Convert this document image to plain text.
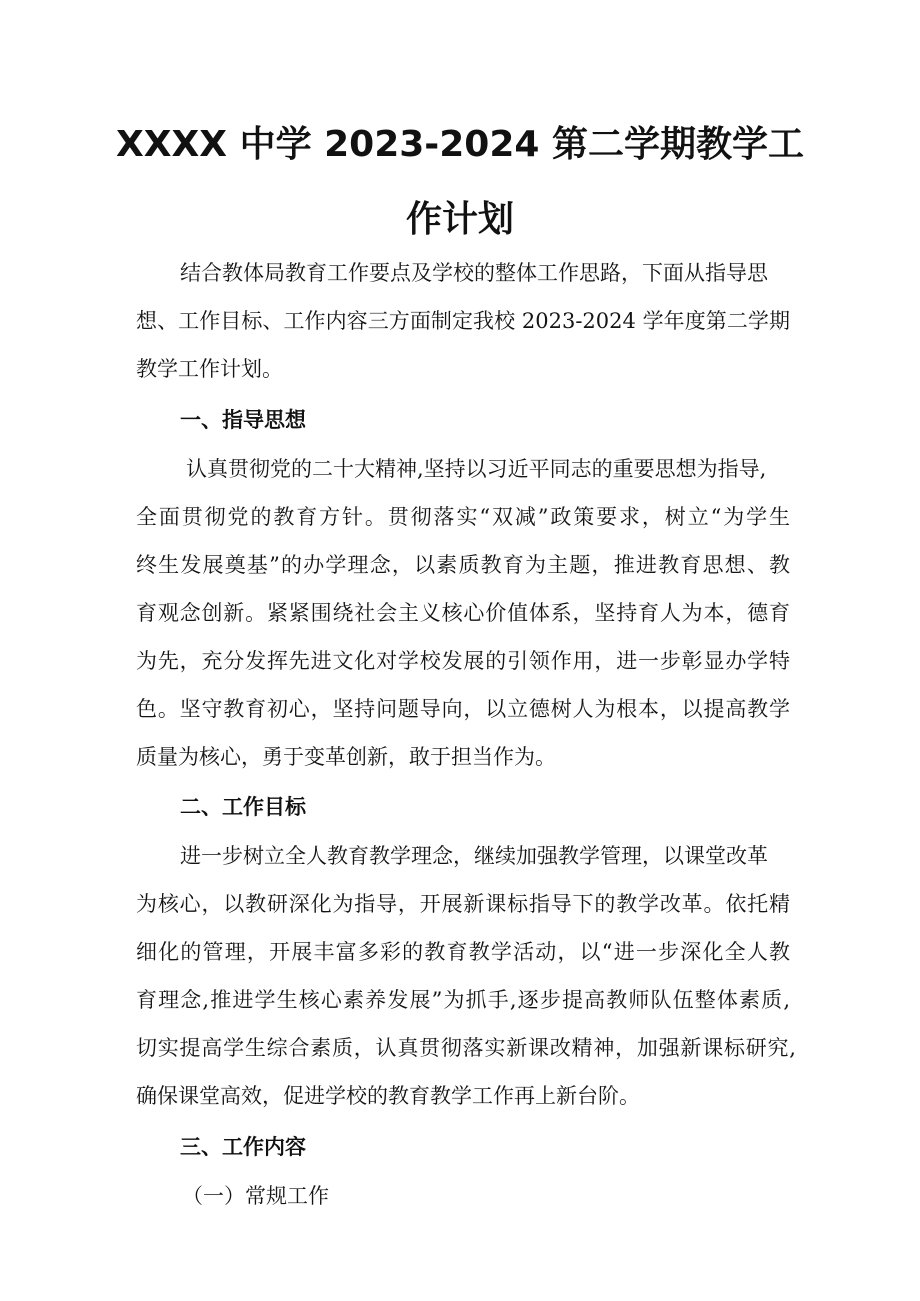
XXXX 中学 2023-2024 第二学期教学工
作计划

结合教体局教育工作要点及学校的整体工作思路，下面从指导思

想、工作目标、工作内容三方面制定我校 2023-2024 学年度第二学期

教学工作计划。

一、指导思想

认真贯彻党的二十大精神,坚持以习近平同志的重要思想为指导,

全面贯彻党的教育方针。贯彻落实“双减”政策要求，树立“为学生

终生发展奠基”的办学理念，以素质教育为主题，推进教育思想、教

育观念创新。紧紧围绕社会主义核心价值体系，坚持育人为本，德育

为先，充分发挥先进文化对学校发展的引领作用，进一步彰显办学特

色。坚守教育初心，坚持问题导向，以立德树人为根本，以提高教学

质量为核心，勇于变革创新，敢于担当作为。

二、工作目标

进一步树立全人教育教学理念，继续加强教学管理，以课堂改革

为核心，以教研深化为指导，开展新课标指导下的教学改革。依托精

细化的管理，开展丰富多彩的教育教学活动，以“进一步深化全人教

育理念,推进学生核心素养发展”为抓手,逐步提高教师队伍整体素质,

切实提高学生综合素质，认真贯彻落实新课改精神，加强新课标研究,

确保课堂高效，促进学校的教育教学工作再上新台阶。

三、工作内容

（一）常规工作
